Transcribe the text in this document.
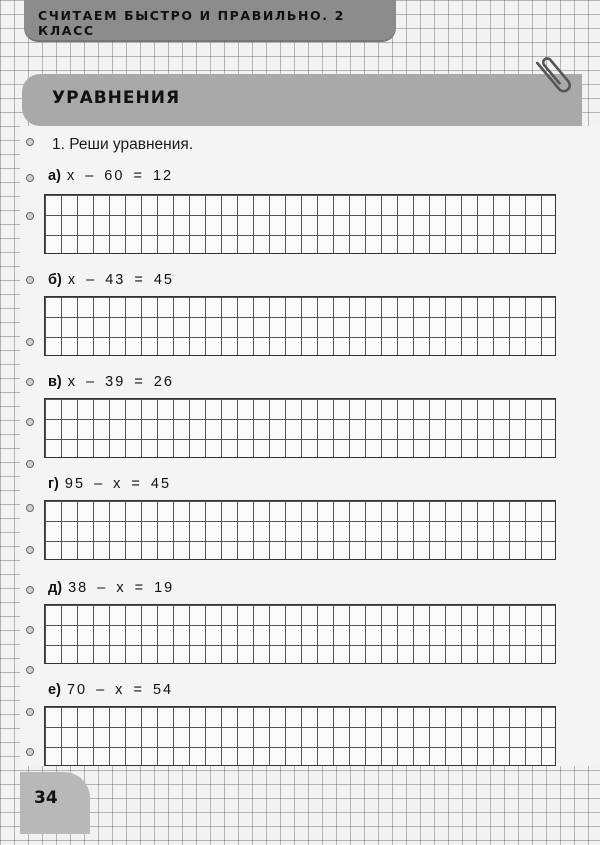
СЧИТАЕМ БЫСТРО И ПРАВИЛЬНО. 2 КЛАСС
УРАВНЕНИЯ
1. Реши уравнения.
а) х – 60 = 12
б) х – 43 = 45
в) х – 39 = 26
г) 95 – х = 45
д) 38 – х = 19
е) 70 – х = 54
34
